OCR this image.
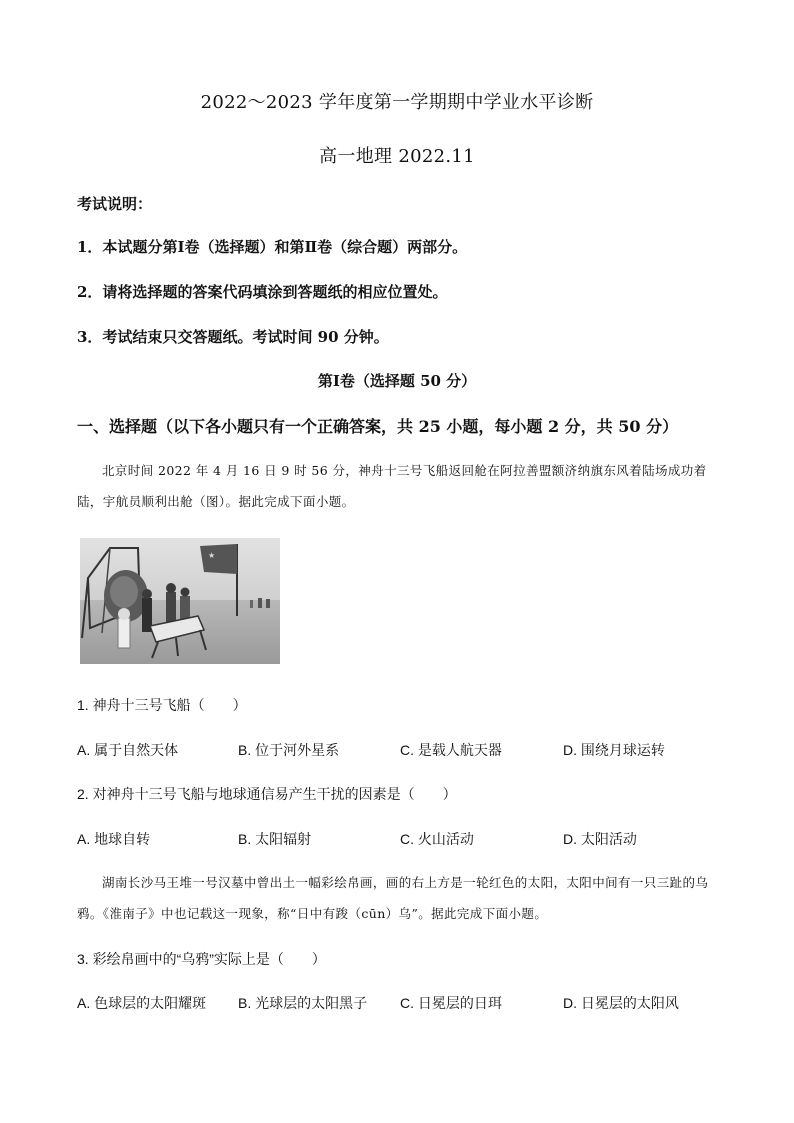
2022～2023 学年度第一学期期中学业水平诊断
高一地理 2022.11
考试说明：
1．本试题分第Ⅰ卷（选择题）和第Ⅱ卷（综合题）两部分。
2．请将选择题的答案代码填涂到答题纸的相应位置处。
3．考试结束只交答题纸。考试时间 90 分钟。
第Ⅰ卷（选择题 50 分）
一、选择题（以下各小题只有一个正确答案，共 25 小题，每小题 2 分，共 50 分）
北京时间 2022 年 4 月 16 日 9 时 56 分，神舟十三号飞船返回舱在阿拉善盟额济纳旗东风着陆场成功着陆，宇航员顺利出舱（图）。据此完成下面小题。
★
1. 神舟十三号飞船（　　）
A. 属于自然天体	B. 位于河外星系	C. 是载人航天器	D. 围绕月球运转
2. 对神舟十三号飞船与地球通信易产生干扰的因素是（　　）
A. 地球自转	B. 太阳辐射	C. 火山活动	D. 太阳活动
湖南长沙马王堆一号汉墓中曾出土一幅彩绘帛画，画的右上方是一轮红色的太阳，太阳中间有一只三趾的乌鸦。《淮南子》中也记载这一现象，称“日中有踆（cūn）乌”。据此完成下面小题。
3. 彩绘帛画中的“乌鸦”实际上是（　　）
A. 色球层的太阳耀斑 B. 光球层的太阳黑子 C. 日冕层的日珥	D. 日冕层的太阳风
